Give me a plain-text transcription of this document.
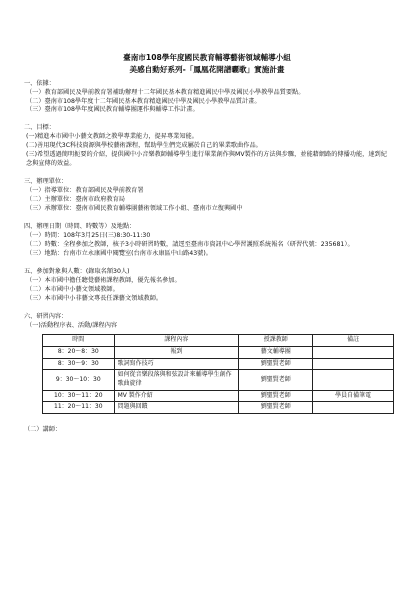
臺南市108學年度國民教育輔導藝術領域輔導小組
美感自動好系列-「鳳凰花開譜曬歌」實施計畫
一、依據：
（一）教育部國民及學前教育署補助辦理十二年國民基本教育精進國民中學及國民小學教學品質要點。
（二）臺南市108學年度十二年國民基本教育精進國民中學及國民小學教學品質計畫。
（三）臺南市108學年度國民教育輔導團運作與輔導工作計畫。
二、目標：
(一)精進本市國中小藝文教師之教學專業能力，提昇專業知能。
(二)善用現代3C科技資源與學校藝術課程，幫助學生們完成屬於自己的畢業歌曲作品。
(三)希望透過簡明扼要的介紹，提供國中小音樂教師輔導學生進行畢業創作與MV製作的方法與步驟，並能藉網路的傳播功能，達到紀念與宣傳的效益。
三、辦理單位：
（一）指導單位：教育部國民及學前教育署
（二）主辦單位：臺南市政府教育局
（三）承辦單位：臺南市國民教育輔導團藝術領域工作小組、臺南市立復興國中
四、辦理日期（時間、時數等）及地點：
（一）時間：108年3月25日(三)8:30-11:30
（二）時數：全程參加之教師，核予3小時研習時數，請逕至臺南市資訊中心學習護照系統報名（研習代號：235681）。
（三）地點：台南市立永康國中閱覽室(台南市永康區中山路43號)。
五、參加對象與人數：(錄取名額30人)
（一）本市國中擔任聽覺藝術課程教師，優先報名參加。
（二）本市國中小藝文領域教師。
（三）本市國中小非藝文專長任課藝文領域教師。
六、研習內容：
（一)活動程序表、活動/課程內容
時間	課程內容	授課教師	備註
8：20～8：30	報到	藝文輔導團	
8：30～9：30	歌詞寫作技巧	劉聖賢老師	
9：30～10：30	如何從音樂段落與和弦設計來輔導學生創作歌曲旋律	劉聖賢老師	
10：30～11：20	MV 製作介紹	劉聖賢老師	學員自備筆電
11：20～11：30	問題與回饋	劉聖賢老師	
（二）講師：
